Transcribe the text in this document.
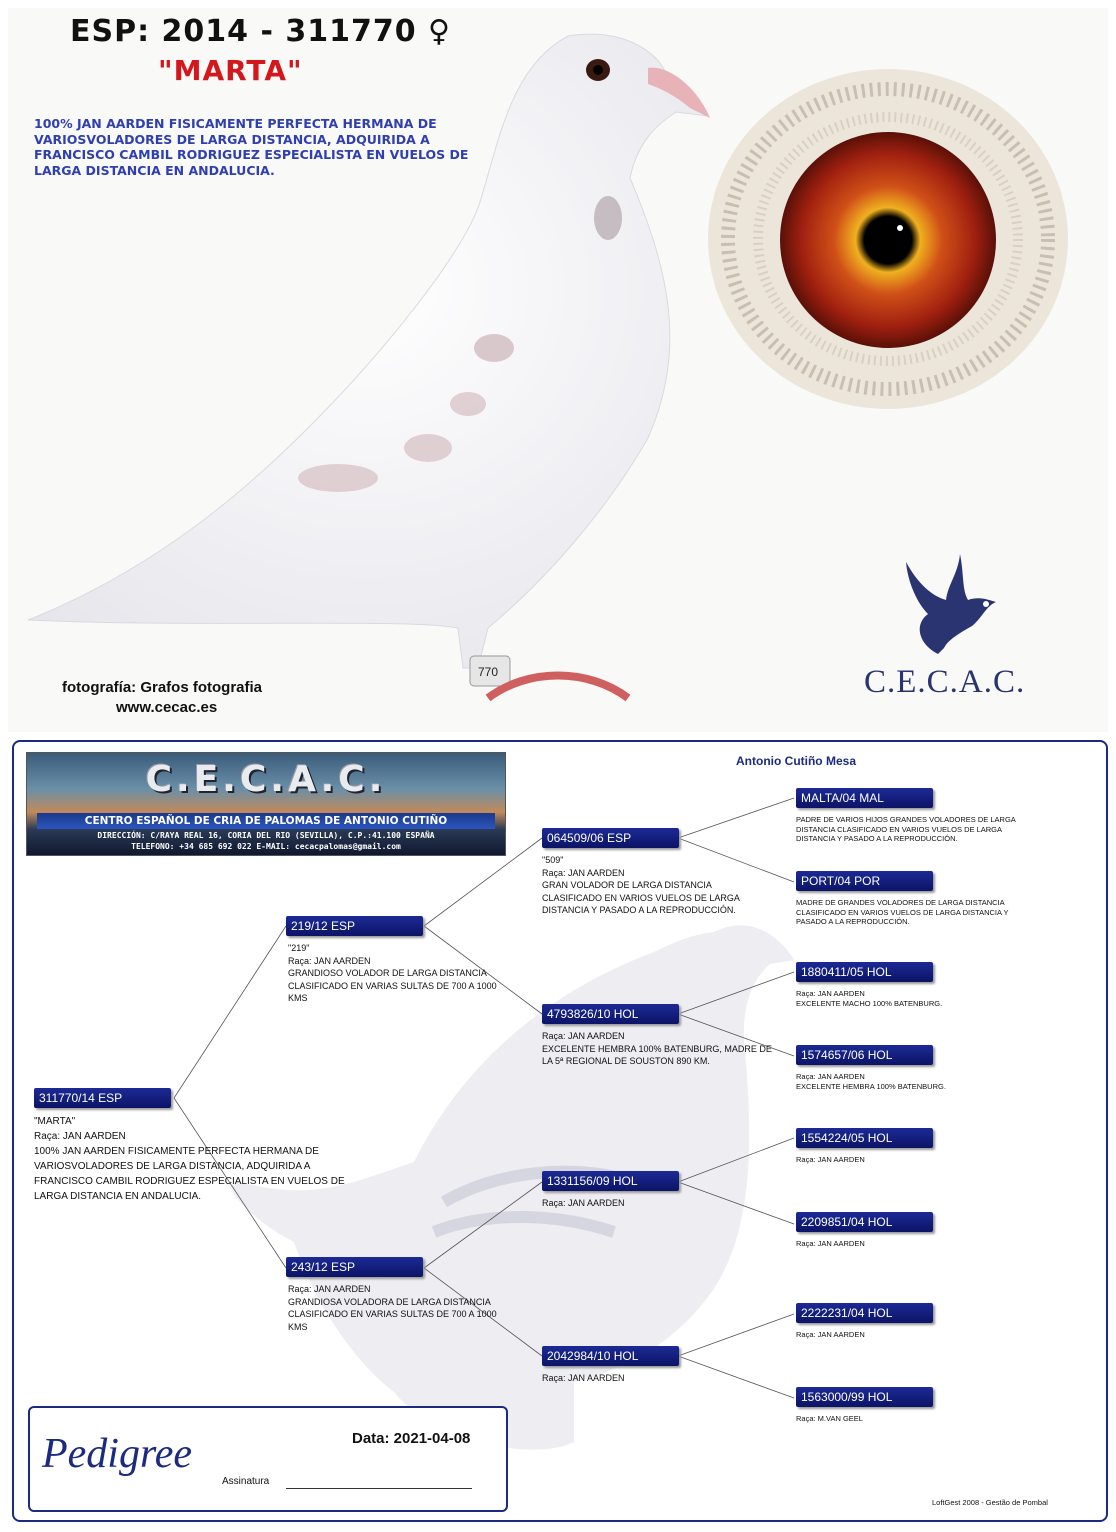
770
ESP: 2014 - 311770 ♀
"MARTA"
100% JAN AARDEN FISICAMENTE PERFECTA HERMANA DE VARIOSVOLADORES DE LARGA DISTANCIA, ADQUIRIDA A FRANCISCO CAMBIL RODRIGUEZ ESPECIALISTA EN VUELOS DE LARGA DISTANCIA EN ANDALUCIA.
fotografía: Grafos fotografia
www.cecac.es
C.E.C.A.C.
C.E.C.A.C.
CENTRO ESPAÑOL DE CRIA DE PALOMAS DE ANTONIO CUTIÑO
DIRECCIÓN: C/RAYA REAL 16, CORIA DEL RIO (SEVILLA), C.P.:41.100 ESPAÑA
TELEFONO: +34 685 692 022 E-MAIL: cecacpalomas@gmail.com
Antonio Cutiño Mesa
311770/14 ESP
"MARTA"
Raça: JAN AARDEN
100% JAN AARDEN FISICAMENTE PERFECTA HERMANA DE VARIOSVOLADORES DE LARGA DISTANCIA, ADQUIRIDA A FRANCISCO CAMBIL RODRIGUEZ ESPECIALISTA EN VUELOS DE LARGA DISTANCIA EN ANDALUCIA.
219/12 ESP
"219"
Raça: JAN AARDEN
GRANDIOSO VOLADOR DE LARGA DISTANCIA CLASIFICADO EN VARIAS SULTAS DE 700 A 1000 KMS
243/12 ESP
Raça: JAN AARDEN
GRANDIOSA VOLADORA DE LARGA DISTANCIA CLASIFICADO EN VARIAS SULTAS DE 700 A 1000 KMS
064509/06 ESP
"509"
Raça: JAN AARDEN
GRAN VOLADOR DE LARGA DISTANCIA CLASIFICADO EN VARIOS VUELOS DE LARGA DISTANCIA Y PASADO A LA REPRODUCCIÓN.
4793826/10 HOL
Raça: JAN AARDEN
EXCELENTE HEMBRA 100% BATENBURG, MADRE DE LA 5ª REGIONAL DE SOUSTON 890 KM.
1331156/09 HOL
Raça: JAN AARDEN
2042984/10 HOL
Raça: JAN AARDEN
MALTA/04 MAL
PADRE DE VARIOS HIJOS GRANDES VOLADORES DE LARGA DISTANCIA CLASIFICADO EN VARIOS VUELOS DE LARGA DISTANCIA Y PASADO A LA REPRODUCCIÓN.
PORT/04 POR
MADRE DE GRANDES VOLADORES DE LARGA DISTANCIA CLASIFICADO EN VARIOS VUELOS DE LARGA DISTANCIA Y PASADO A LA REPRODUCCIÓN.
1880411/05 HOL
Raça: JAN AARDEN
EXCELENTE MACHO 100% BATENBURG.
1574657/06 HOL
Raça: JAN AARDEN
EXCELENTE HEMBRA 100% BATENBURG.
1554224/05 HOL
Raça: JAN AARDEN
2209851/04 HOL
Raça: JAN AARDEN
2222231/04 HOL
Raça: JAN AARDEN
1563000/99 HOL
Raça: M.VAN GEEL
Pedigree	Data: 2021-04-08
Assinatura
LoftGest 2008 - Gestão de Pombal
